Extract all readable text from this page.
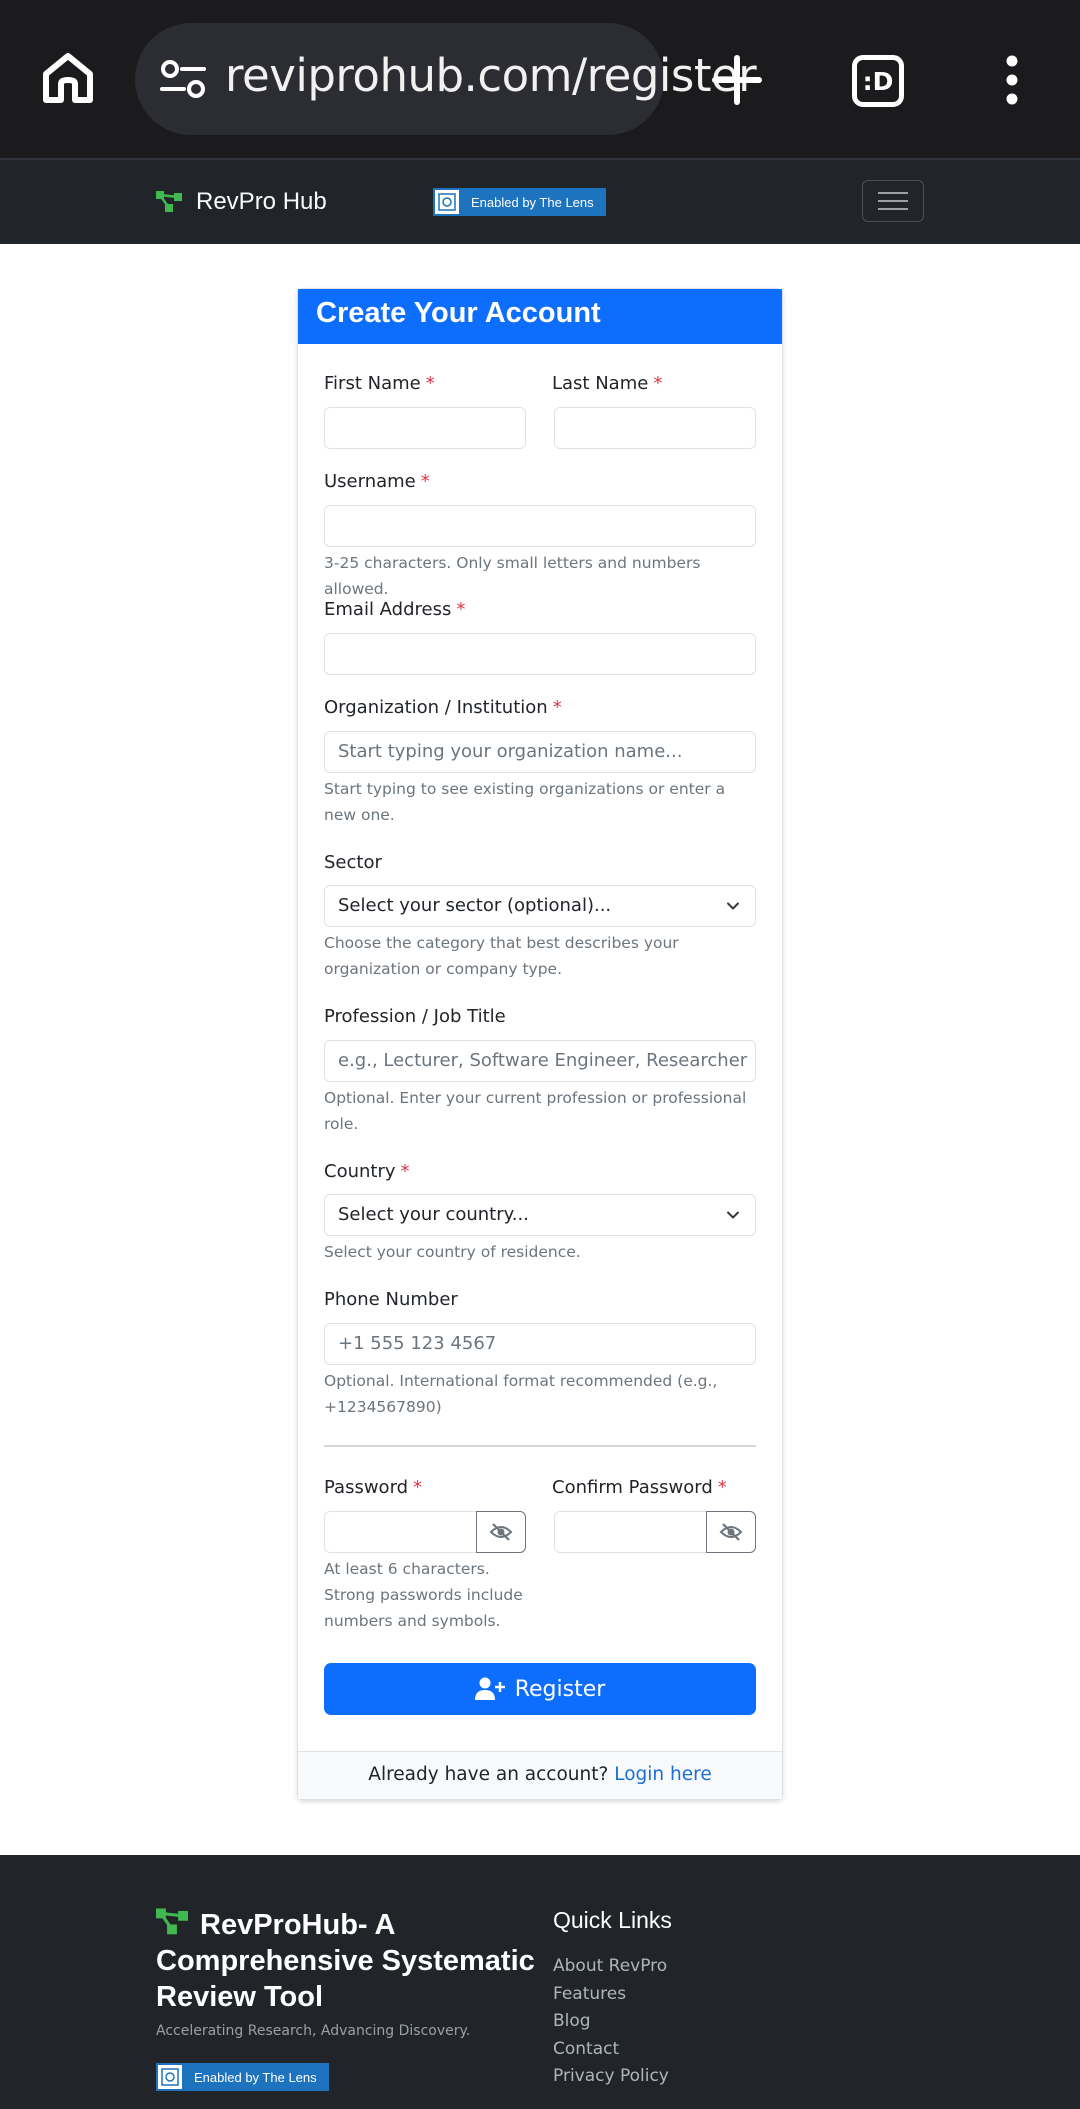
reviprohub.com/register	:D
RevPro Hub	Enabled by The Lens
Create Your Account
First Name *	Last Name *
Username *
3-25 characters. Only small letters and numbers allowed.
Email Address *
Organization / Institution *
Start typing your organization name...
Start typing to see existing organizations or enter a new one.
Sector
Select your sector (optional)...
Choose the category that best describes your organization or company type.
Profession / Job Title
e.g., Lecturer, Software Engineer, Researcher
Optional. Enter your current profession or professional role.
Country *
Select your country...
Select your country of residence.
Phone Number
+1 555 123 4567
Optional. International format recommended (e.g., +1234567890)
Password *	Confirm Password *
At least 6 characters. Strong passwords include numbers and symbols.
Register
Already have an account? Login here
RevProHub- A Comprehensive Systematic Review Tool
Accelerating Research, Advancing Discovery.
Enabled by The Lens
Quick Links
About RevPro
Features
Blog
Contact
Privacy Policy
